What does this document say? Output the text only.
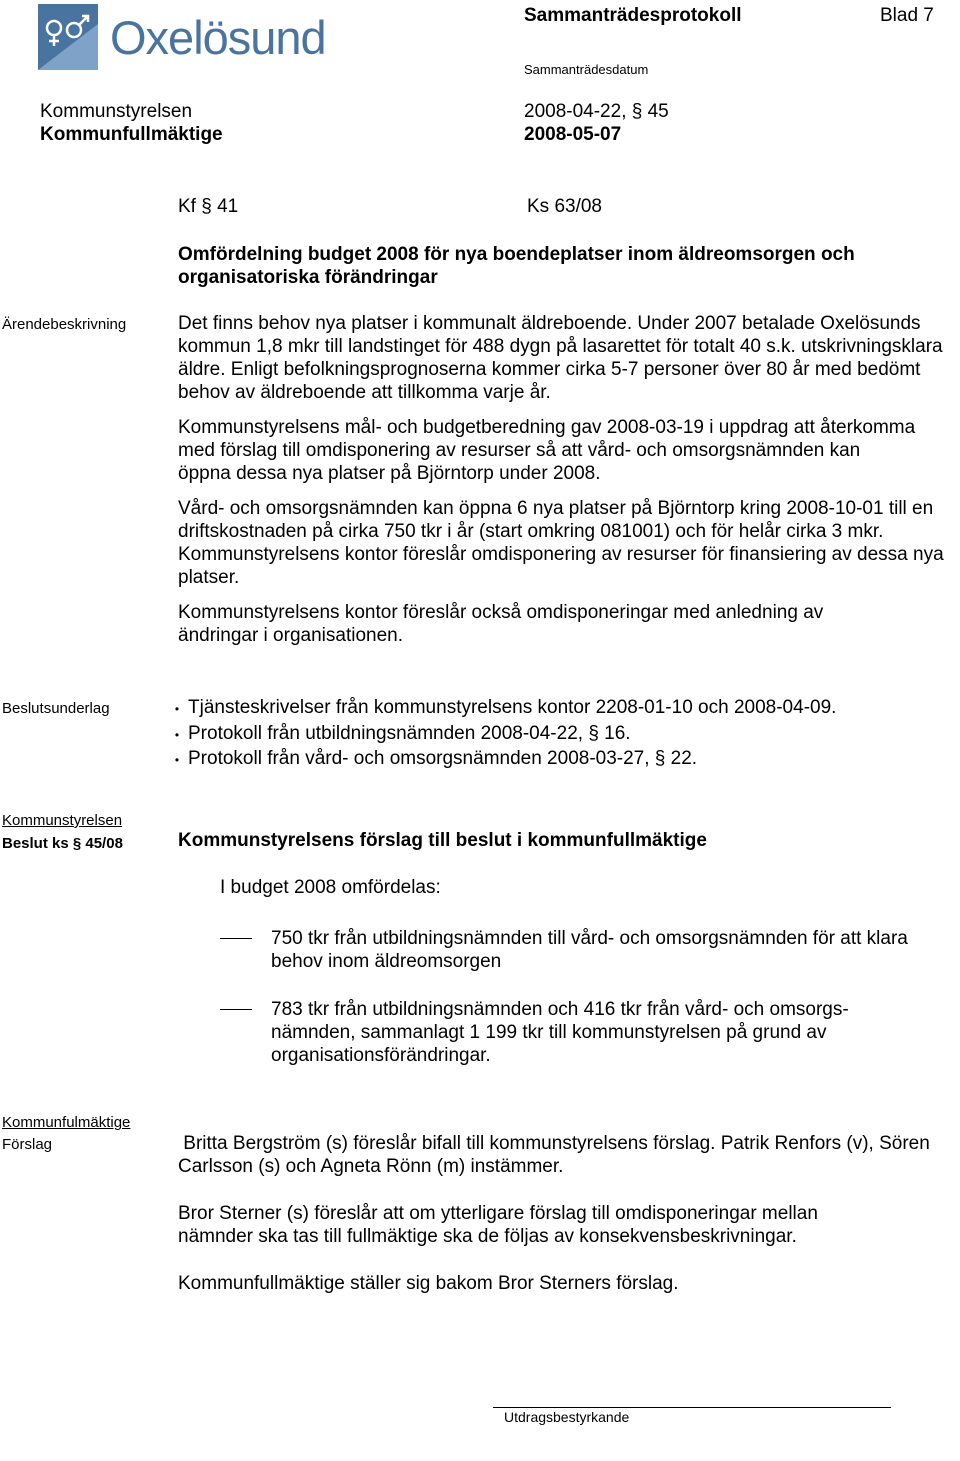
Oxelösund	Sammanträdesprotokoll	Blad 7
Sammanträdesdatum
Kommunstyrelsen
Kommunfullmäktige
2008-04-22, § 45
2008-05-07
Kf § 41	Ks 63/08
Omfördelning budget 2008 för nya boendeplatser inom äldreomsorgen och organisatoriska förändringar
Ärendebeskrivning	Det finns behov nya platser i kommunalt äldreboende. Under 2007 betalade Oxelösunds kommun 1,8 mkr till landstinget för 488 dygn på lasarettet för totalt 40 s.k. utskrivningsklara äldre. Enligt befolkningsprognoserna kommer cirka 5-7 personer över 80 år med bedömt behov av äldreboende att tillkomma varje år.

Kommunstyrelsens mål- och budgetberedning gav 2008-03-19 i uppdrag att återkomma med förslag till omdisponering av resurser så att vård- och omsorgsnämnden kan öppna dessa nya platser på Björntorp under 2008.

Vård- och omsorgsnämnden kan öppna 6 nya platser på Björntorp kring 2008-10-01 till en driftskostnaden på cirka 750 tkr i år (start omkring 081001) och för helår cirka 3 mkr. Kommunstyrelsens kontor föreslår omdisponering av resurser för finansiering av dessa nya platser.

Kommunstyrelsens kontor föreslår också omdisponeringar med anledning av ändringar i organisationen.

Beslutsunderlag	• Tjänsteskrivelser från kommunstyrelsens kontor 2208-01-10 och 2008-04-09.
• Protokoll från utbildningsnämnden 2008-04-22, § 16.
• Protokoll från vård- och omsorgsnämnden 2008-03-27, § 22.
Kommunstyrelsen
Beslut ks § 45/08	Kommunstyrelsens förslag till beslut i kommunfullmäktige
I budget 2008 omfördelas:
750 tkr från utbildningsnämnden till vård- och omsorgsnämnden för att klara behov inom äldreomsorgen
783 tkr från utbildningsnämnden och 416 tkr från vård- och omsorgs-nämnden, sammanlagt 1 199 tkr till kommunstyrelsen på grund av organisationsförändringar.
Kommunfulmäktige
Förslag	Britta Bergström (s) föreslår bifall till kommunstyrelsens förslag. Patrik Renfors (v), Sören Carlsson (s) och Agneta Rönn (m) instämmer.

Bror Sterner (s) föreslår att om ytterligare förslag till omdisponeringar mellan nämnder ska tas till fullmäktige ska de följas av konsekvensbeskrivningar.

Kommunfullmäktige ställer sig bakom Bror Sterners förslag.

Utdragsbestyrkande
